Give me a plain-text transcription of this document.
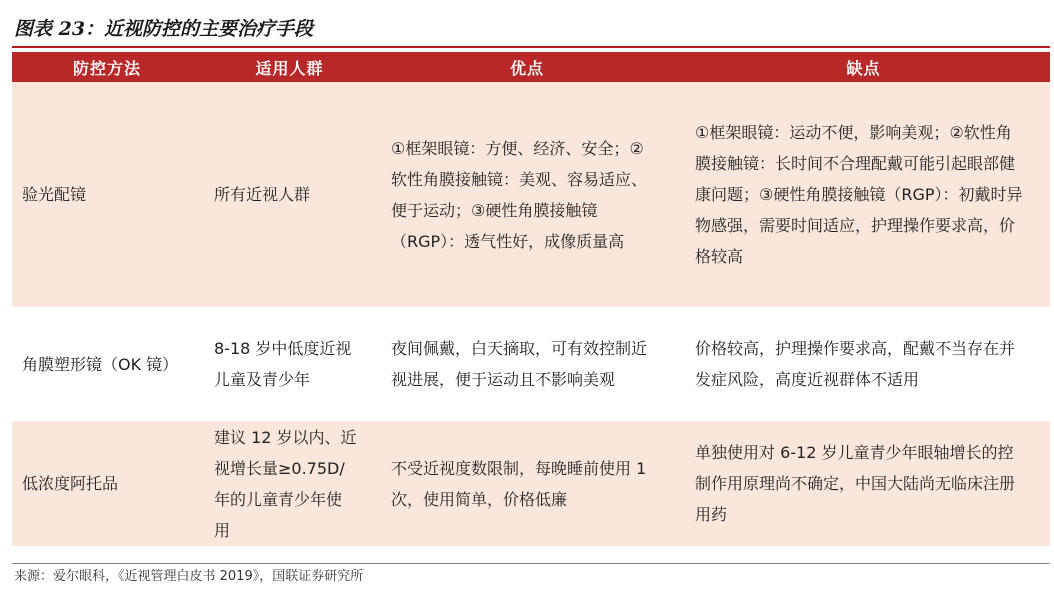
图表 23：近视防控的主要治疗手段
防控方法	适用人群	优点	缺点
验光配镜	所有近视人群	①框架眼镜：方便、经济、安全；②软性角膜接触镜：美观、容易适应、便于运动；③硬性角膜接触镜（RGP）：透气性好，成像质量高	①框架眼镜：运动不便，影响美观；②软性角膜接触镜：长时间不合理配戴可能引起眼部健康问题；③硬性角膜接触镜（RGP）：初戴时异物感强，需要时间适应，护理操作要求高，价格较高

角膜塑形镜（OK 镜）	8-18 岁中低度近视儿童及青少年	夜间佩戴，白天摘取，可有效控制近视进展，便于运动且不影响美观	价格较高，护理操作要求高，配戴不当存在并发症风险，高度近视群体不适用

低浓度阿托品	建议 12 岁以内、近视增长量≥0.75D/年的儿童青少年使用	不受近视度数限制，每晚睡前使用 1 次，使用简单，价格低廉	单独使用对 6-12 岁儿童青少年眼轴增长的控制作用原理尚不确定，中国大陆尚无临床注册用药
来源：爱尔眼科，《近视管理白皮书 2019》，国联证券研究所
